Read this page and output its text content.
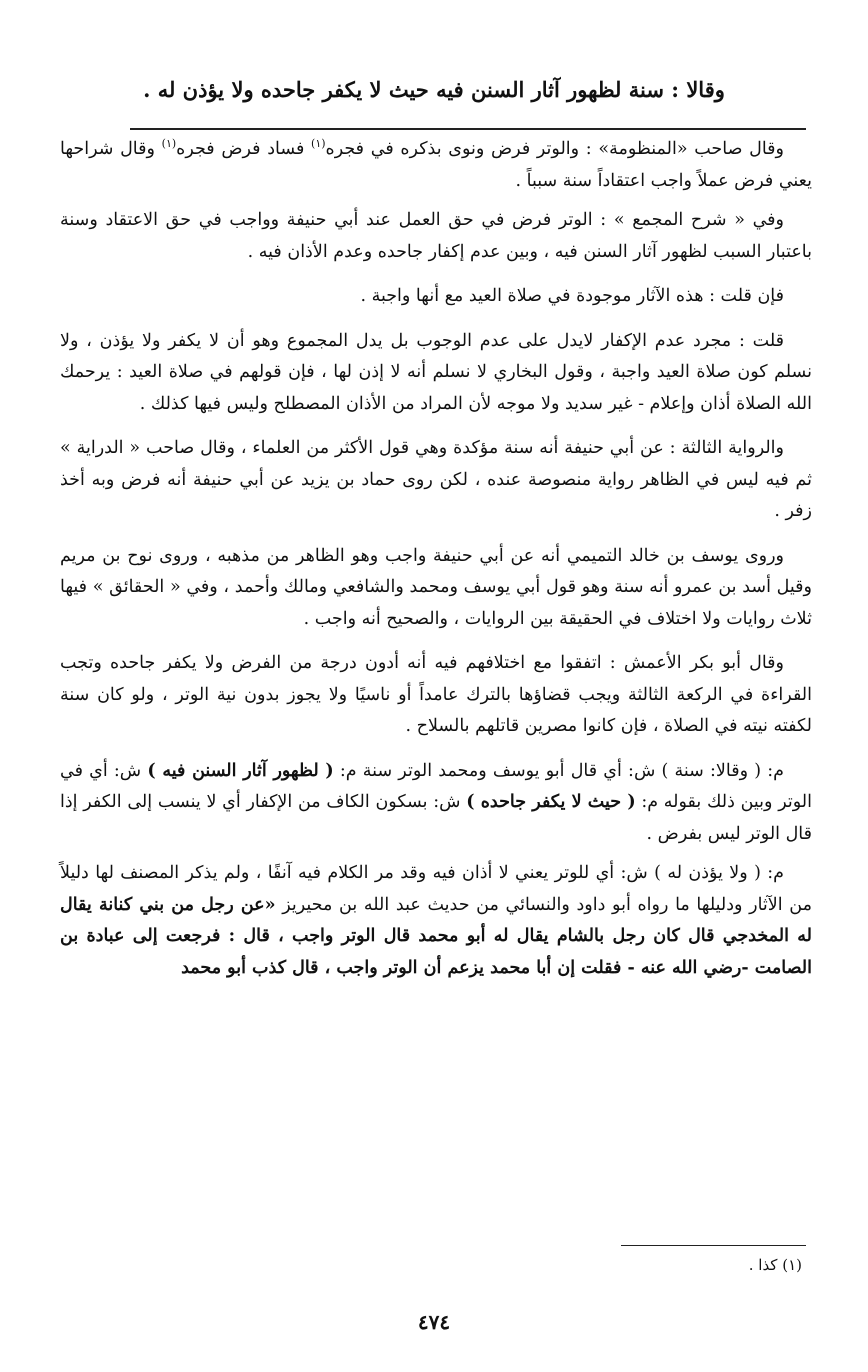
وقالا : سنة لظهور آثار السنن فيه حيث لا يكفر جاحده ولا يؤذن له .

وقال صاحب «المنظومة» : والوتر فرض ونوى بذكره في فجره$^{(١)}$ فساد فرض فجره$^{(١)}$ وقال شراحها يعني فرض عملاً واجب اعتقاداً سنة سبباً .

وفي « شرح المجمع » : الوتر فرض في حق العمل عند أبي حنيفة وواجب في حق الاعتقاد وسنة باعتبار السبب لظهور آثار السنن فيه ، وبين عدم إكفار جاحده وعدم الأذان فيه .

فإن قلت : هذه الآثار موجودة في صلاة العيد مع أنها واجبة .

قلت : مجرد عدم الإكفار لايدل على عدم الوجوب بل يدل المجموع وهو أن لا يكفر ولا يؤذن ، ولا نسلم كون صلاة العيد واجبة ، وقول البخاري لا نسلم أنه لا إذن لها ، فإن قولهم في صلاة العيد : يرحمك الله الصلاة أذان وإعلام - غير سديد ولا موجه لأن المراد من الأذان المصطلح وليس فيها كذلك .

والرواية الثالثة : عن أبي حنيفة أنه سنة مؤكدة وهي قول الأكثر من العلماء ، وقال صاحب « الدراية » ثم فيه ليس في الظاهر رواية منصوصة عنده ، لكن روى حماد بن يزيد عن أبي حنيفة أنه فرض وبه أخذ زفر .

وروى يوسف بن خالد التميمي أنه عن أبي حنيفة واجب وهو الظاهر من مذهبه ، وروى نوح بن مريم وقيل أسد بن عمرو أنه سنة وهو قول أبي يوسف ومحمد والشافعي ومالك وأحمد ، وفي « الحقائق » فيها ثلاث روايات ولا اختلاف في الحقيقة بين الروايات ، والصحيح أنه واجب .

وقال أبو بكر الأعمش : اتفقوا مع اختلافهم فيه أنه أدون درجة من الفرض ولا يكفر جاحده وتجب القراءة في الركعة الثالثة ويجب قضاؤها بالترك عامداً أو ناسيًا ولا يجوز بدون نية الوتر ، ولو كان سنة لكفته نيته في الصلاة ، فإن كانوا مصرين قاتلهم بالسلاح .

م: ( وقالا: سنة ) ش: أي قال أبو يوسف ومحمد الوتر سنة م: ( لظهور آثار السنن فيه ) ش: أي في الوتر وبين ذلك بقوله م: ( حيث لا يكفر جاحده ) ش: بسكون الكاف من الإكفار أي لا ينسب إلى الكفر إذا قال الوتر ليس بفرض .

م: ( ولا يؤذن له ) ش: أي للوتر يعني لا أذان فيه وقد مر الكلام فيه آنفًا ، ولم يذكر المصنف لها دليلاً من الآثار ودليلها ما رواه أبو داود والنسائي من حديث عبد الله بن محيريز «عن رجل من بني كنانة يقال له المخدجي قال كان رجل بالشام يقال له أبو محمد قال الوتر واجب ، قال : فرجعت إلى عبادة بن الصامت -رضي الله عنه - فقلت إن أبا محمد يزعم أن الوتر واجب ، قال كذب أبو محمد

(١) كذا .
٤٧٤
